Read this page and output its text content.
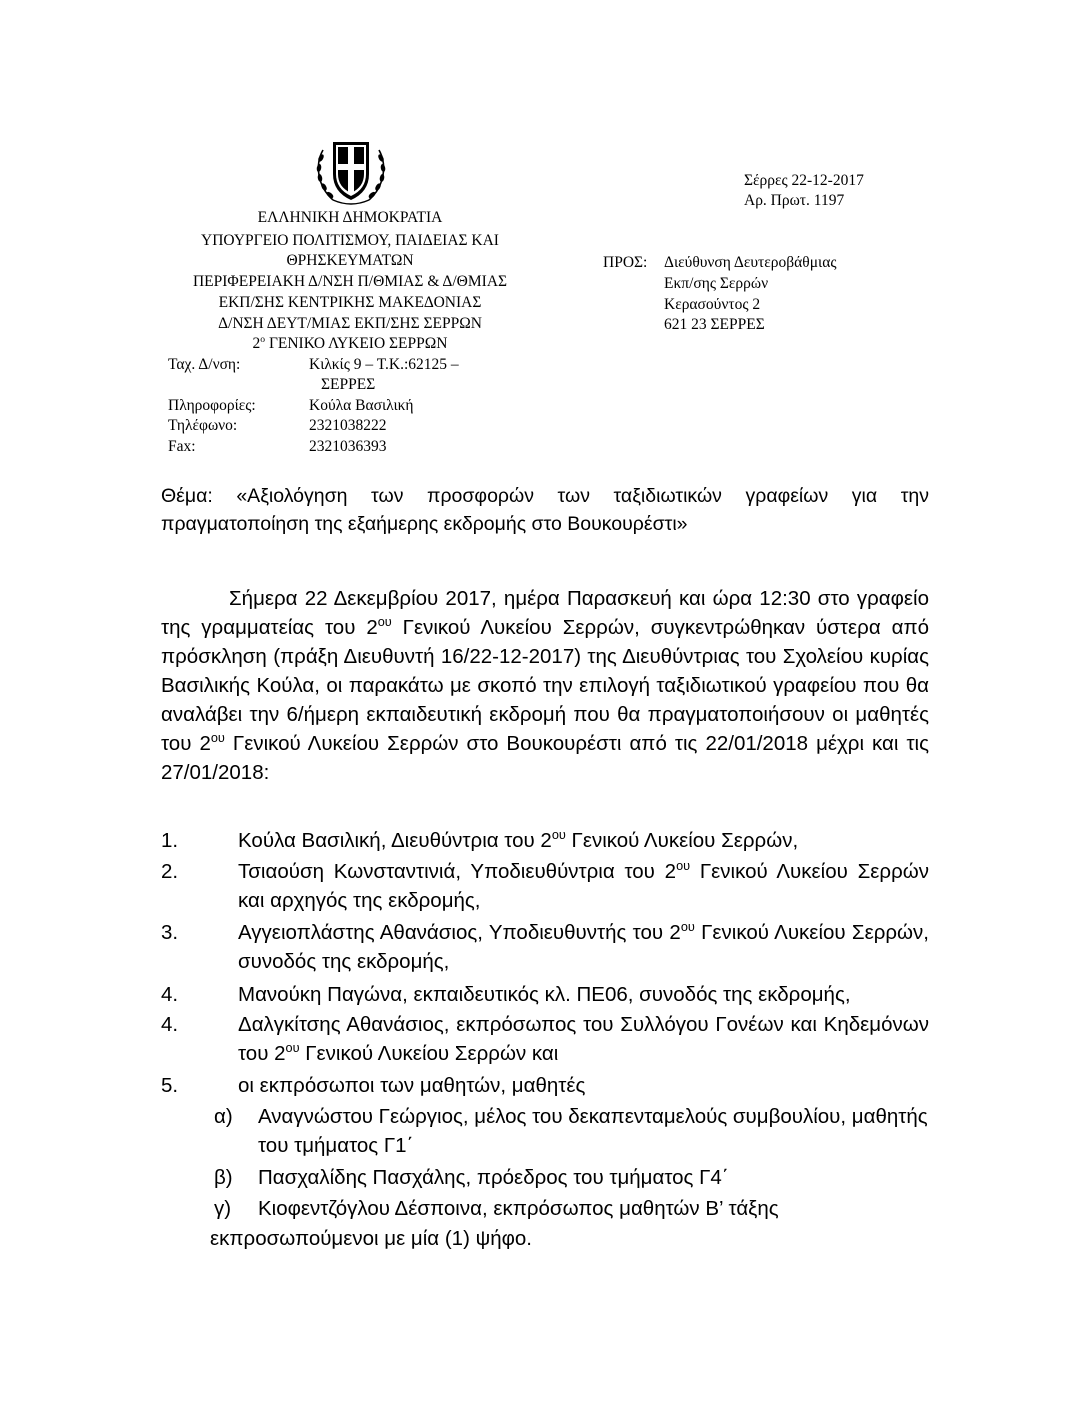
ΕΛΛΗΝΙΚΗ ΔΗΜΟΚΡΑΤΙΑ
ΥΠΟΥΡΓΕΙΟ ΠΟΛΙΤΙΣΜΟΥ, ΠΑΙΔΕΙΑΣ ΚΑΙ
ΘΡΗΣΚΕΥΜΑΤΩΝ
ΠΕΡΙΦΕΡΕΙΑΚΗ Δ/ΝΣΗ Π/ΘΜΙΑΣ & Δ/ΘΜΙΑΣ
ΕΚΠ/ΣΗΣ ΚΕΝΤΡΙΚΗΣ ΜΑΚΕΔΟΝΙΑΣ
Δ/ΝΣΗ ΔΕΥΤ/ΜΙΑΣ ΕΚΠ/ΣΗΣ ΣΕΡΡΩΝ
$2^o$ ΓΕΝΙΚΟ ΛΥΚΕΙΟ ΣΕΡΡΩΝ
Ταχ. Δ/νση:	Κιλκίς 9 – Τ.Κ.:62125 –
ΣΕΡΡΕΣ
Πληροφορίες:	Κούλα Βασιλική
Τηλέφωνο:	2321038222
Fax:	2321036393
Σέρρες 22-12-2017
Αρ. Πρωτ. 1197
ΠΡΟΣ: Διεύθυνση Δευτεροβάθμιας
Εκπ/σης Σερρών
Κερασούντος 2
621 23 ΣΕΡΡΕΣ
Θέμα: «Αξιολόγηση των προσφορών των ταξιδιωτικών γραφείων για την πραγματοποίηση της εξαήμερης εκδρομής στο Βουκουρέστι»

Σήμερα 22 Δεκεμβρίου 2017, ημέρα Παρασκευή και ώρα 12:30 στο γραφείο της γραμματείας του $2^{o\upsilon}$ Γενικού Λυκείου Σερρών, συγκεντρώθηκαν ύστερα από πρόσκληση (πράξη Διευθυντή 16/22-12-2017) της Διευθύντριας του Σχολείου κυρίας Βασιλικής Κούλα, οι παρακάτω με σκοπό την επιλογή ταξιδιωτικού γραφείου που θα αναλάβει την 6/ήμερη εκπαιδευτική εκδρομή που θα πραγματοποιήσουν οι μαθητές του $2^{o\upsilon}$ Γενικού Λυκείου Σερρών στο Βουκουρέστι από τις 22/01/2018 μέχρι και τις 27/01/2018:

1.	Κούλα Βασιλική, Διευθύντρια του $2^{o\upsilon}$ Γενικού Λυκείου Σερρών,

2.	Τσιαούση Κωνσταντινιά, Υποδιευθύντρια του $2^{o\upsilon}$ Γενικού Λυκείου Σερρών και αρχηγός της εκδρομής,

3.	Αγγειοπλάστης Αθανάσιος, Υποδιευθυντής του $2^{o\upsilon}$ Γενικού Λυκείου Σερρών, συνοδός της εκδρομής,

4.	Μανούκη Παγώνα, εκπαιδευτικός κλ. ΠΕ06, συνοδός της εκδρομής,

4.	Δαλγκίτσης Αθανάσιος, εκπρόσωπος του Συλλόγου Γονέων και Κηδεμόνων του $2^{o\upsilon}$ Γενικού Λυκείου Σερρών και

5.	οι εκπρόσωποι των μαθητών, μαθητές

α) Αναγνώστου Γεώργιος, μέλος του δεκαπενταμελούς συμβουλίου, μαθητής του τμήματος Γ1΄

β) Πασχαλίδης Πασχάλης, πρόεδρος του τμήματος Γ4΄

γ) Κιοφεντζόγλου Δέσποινα, εκπρόσωπος μαθητών Β’ τάξης

εκπροσωπούμενοι με μία (1) ψήφο.
